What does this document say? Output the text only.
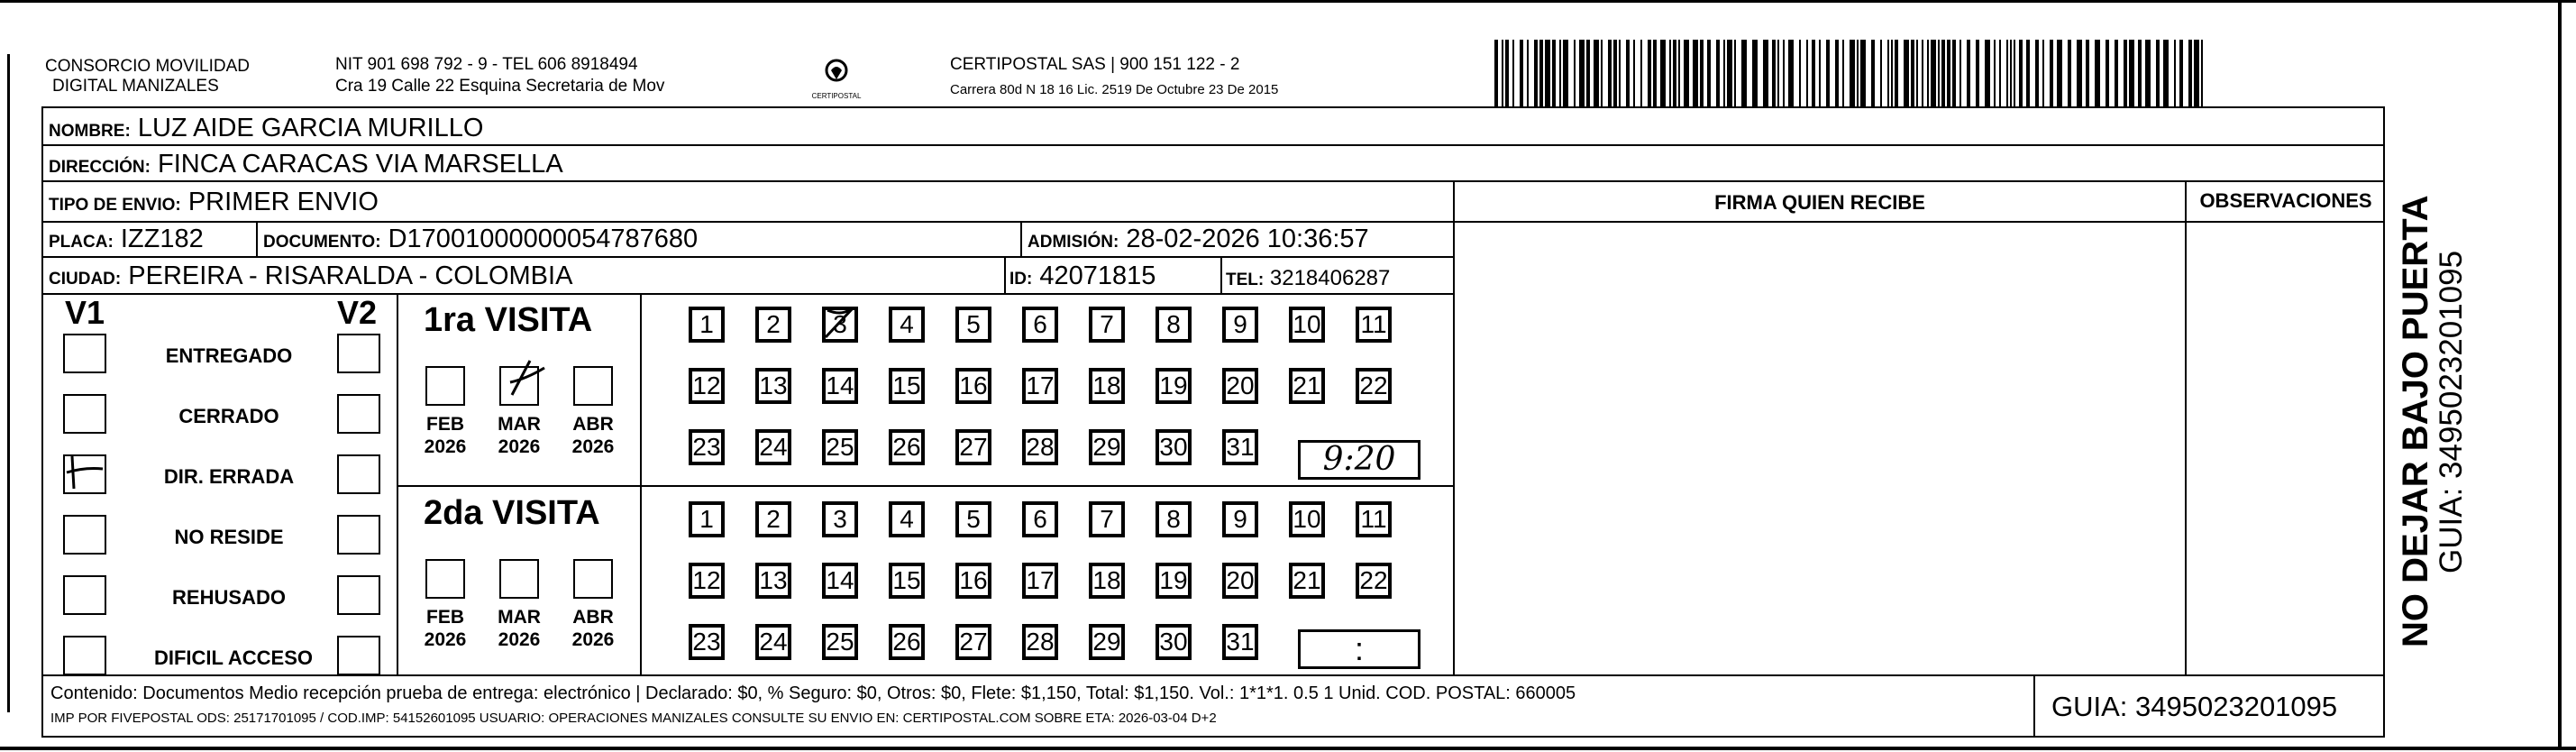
CONSORCIO MOVILIDAD
DIGITAL MANIZALES
NIT 901 698 792 - 9 - TEL 606 8918494
Cra 19 Calle 22 Esquina Secretaria de Mov
CERTIPOSTAL
CERTIPOSTAL SAS | 900 151 122 - 2
Carrera 80d N 18 16 Lic. 2519 De Octubre 23 De 2015
NOMBRE: LUZ AIDE GARCIA MURILLO
DIRECCIÓN: FINCA CARACAS VIA MARSELLA
TIPO DE ENVIO: PRIMER ENVIO	FIRMA QUIEN RECIBE	OBSERVACIONES
PLACA: IZZ182	DOCUMENTO: D17001000000054787680	ADMISIÓN: 28-02-2026 10:36:57
CIUDAD: PEREIRA - RISARALDA - COLOMBIA	ID: 42071815	TEL: 3218406287
V1	V2
ENTREGADO
CERRADO
DIR. ERRADA
NO RESIDE
REHUSADO
DIFICIL ACCESO
1ra VISITA
2da VISITA
FEB
2026
MAR
2026
ABR
2026
FEB
2026
MAR
2026
ABR
2026
1	2	3	4	5	6	7	8	9	10 11
12 13 14 15 16 17 18 19 20 21 22
23 24 25 26 27 28 29 30 31
1	2	3	4	5	6	7	8	9	10 11
12 13 14 15 16 17 18 19 20 21 22
23 24 25 26 27 28 29 30 31
9:20
:
Contenido: Documentos Medio recepción prueba de entrega: electrónico | Declarado: $0, % Seguro: $0, Otros: $0, Flete: $1,150, Total: $1,150. Vol.: 1*1*1. 0.5 1 Unid. COD. POSTAL: 660005
IMP POR FIVEPOSTAL ODS: 25171701095 / COD.IMP: 54152601095 USUARIO: OPERACIONES MANIZALES CONSULTE SU ENVIO EN: CERTIPOSTAL.COM SOBRE ETA: 2026-03-04 D+2	GUIA: 3495023201095
NO DEJAR BAJO PUERTA
GUIA: 3495023201095
